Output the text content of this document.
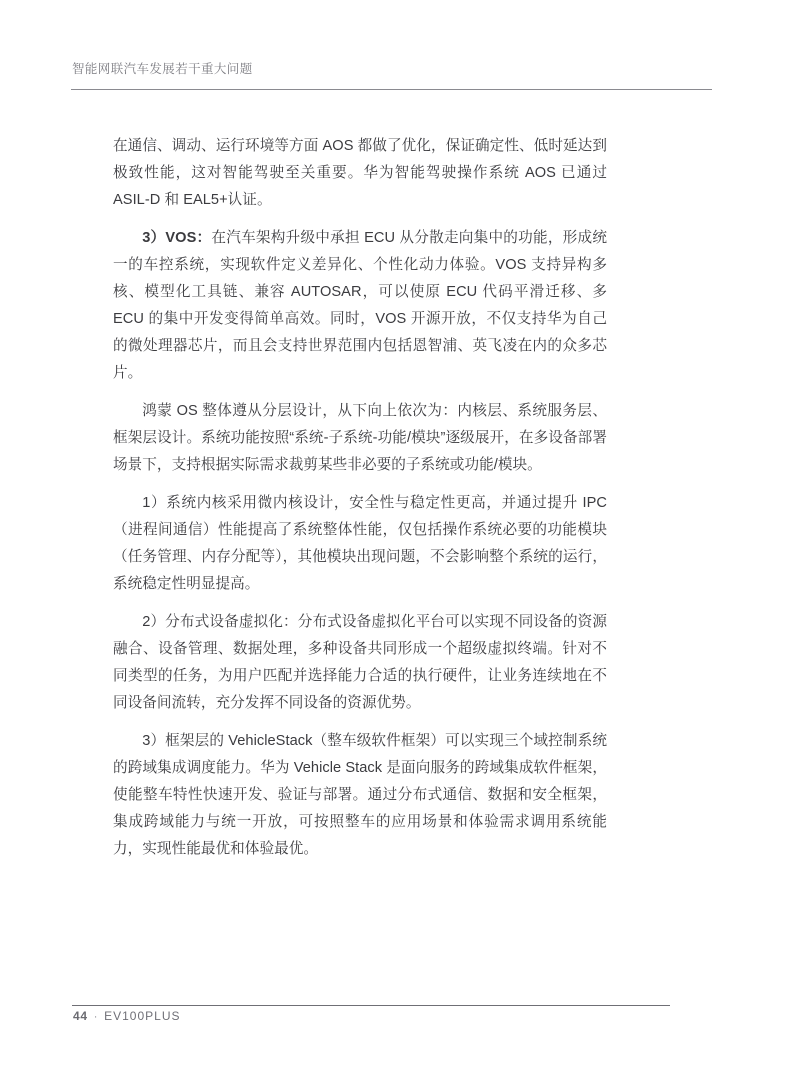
智能网联汽车发展若干重大问题

在通信、调动、运行环境等方面 AOS 都做了优化，保证确定性、低时延达到极致性能，这对智能驾驶至关重要。华为智能驾驶操作系统 AOS 已通过 ASIL-D 和 EAL5+认证。

3）VOS：在汽车架构升级中承担 ECU 从分散走向集中的功能，形成统一的车控系统，实现软件定义差异化、个性化动力体验。VOS 支持异构多核、模型化工具链、兼容 AUTOSAR，可以使原 ECU 代码平滑迁移、多 ECU 的集中开发变得简单高效。同时，VOS 开源开放，不仅支持华为自己的微处理器芯片，而且会支持世界范围内包括恩智浦、英飞凌在内的众多芯片。

鸿蒙 OS 整体遵从分层设计，从下向上依次为：内核层、系统服务层、框架层设计。系统功能按照“系统-子系统-功能/模块”逐级展开，在多设备部署场景下，支持根据实际需求裁剪某些非必要的子系统或功能/模块。

1）系统内核采用微内核设计，安全性与稳定性更高，并通过提升 IPC（进程间通信）性能提高了系统整体性能，仅包括操作系统必要的功能模块（任务管理、内存分配等），其他模块出现问题，不会影响整个系统的运行，系统稳定性明显提高。

2）分布式设备虚拟化：分布式设备虚拟化平台可以实现不同设备的资源融合、设备管理、数据处理，多种设备共同形成一个超级虚拟终端。针对不同类型的任务，为用户匹配并选择能力合适的执行硬件，让业务连续地在不同设备间流转，充分发挥不同设备的资源优势。

3）框架层的 VehicleStack（整车级软件框架）可以实现三个域控制系统的跨域集成调度能力。华为 Vehicle Stack 是面向服务的跨域集成软件框架，使能整车特性快速开发、验证与部署。通过分布式通信、数据和安全框架，集成跨域能力与统一开放，可按照整车的应用场景和体验需求调用系统能力，实现性能最优和体验最优。

44 · EV100PLUS
